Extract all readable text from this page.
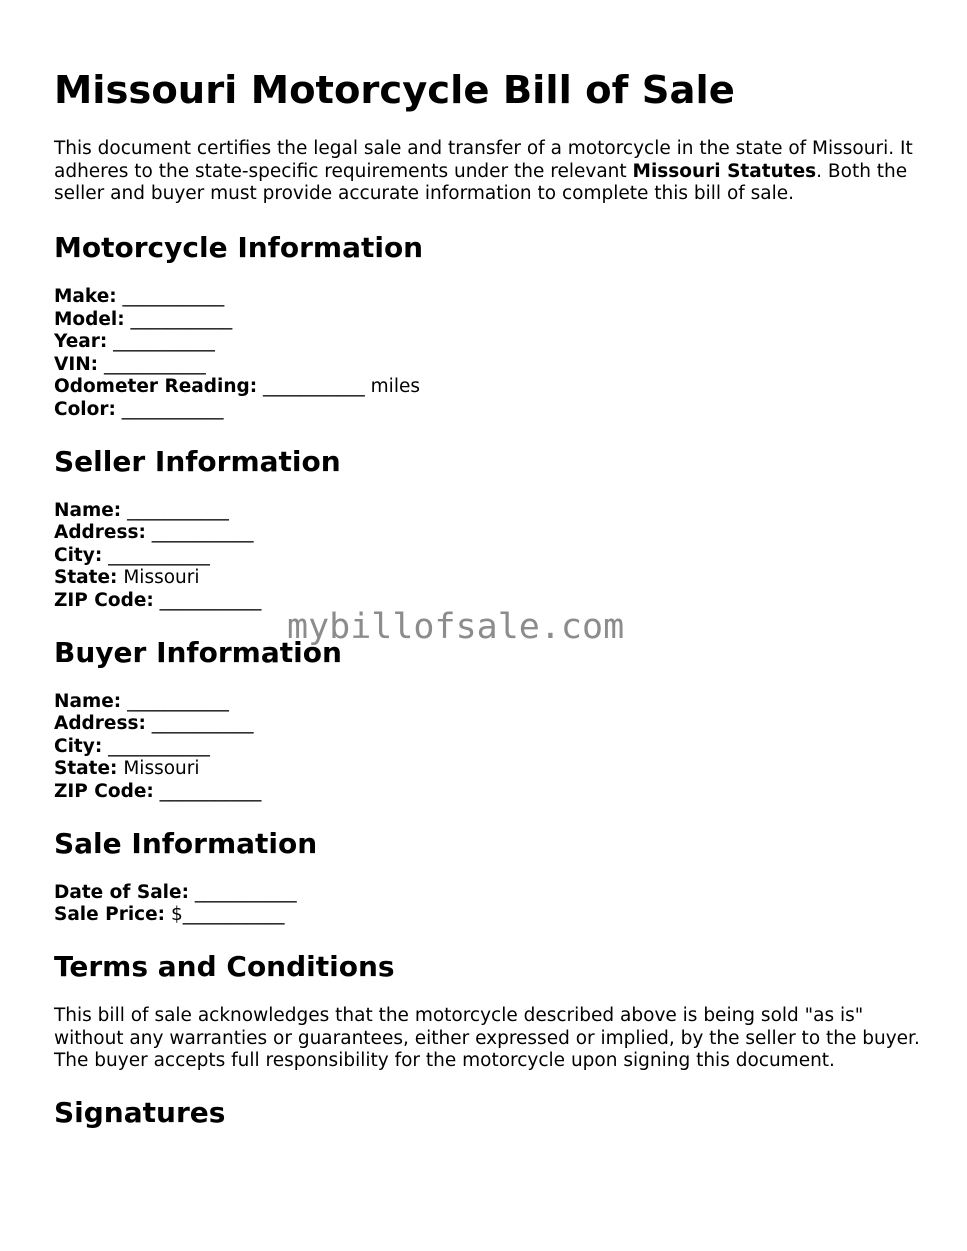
Missouri Motorcycle Bill of Sale

This document certifies the legal sale and transfer of a motorcycle in the state of Missouri. It adheres to the state-specific requirements under the relevant Missouri Statutes. Both the seller and buyer must provide accurate information to complete this bill of sale.

Motorcycle Information
Make: ___________
Model: ___________
Year: ___________
VIN: ___________
Odometer Reading: ___________ miles
Color: ___________
Seller Information
Name: ___________
Address: ___________
City: ___________
State: Missouri
ZIP Code: ___________
Buyer Information
Name: ___________
Address: ___________
City: ___________
State: Missouri
ZIP Code: ___________
Sale Information
Date of Sale: ___________
Sale Price: $___________
Terms and Conditions

This bill of sale acknowledges that the motorcycle described above is being sold "as is" without any warranties or guarantees, either expressed or implied, by the seller to the buyer. The buyer accepts full responsibility for the motorcycle upon signing this document.

Signatures
mybillofsale.com
